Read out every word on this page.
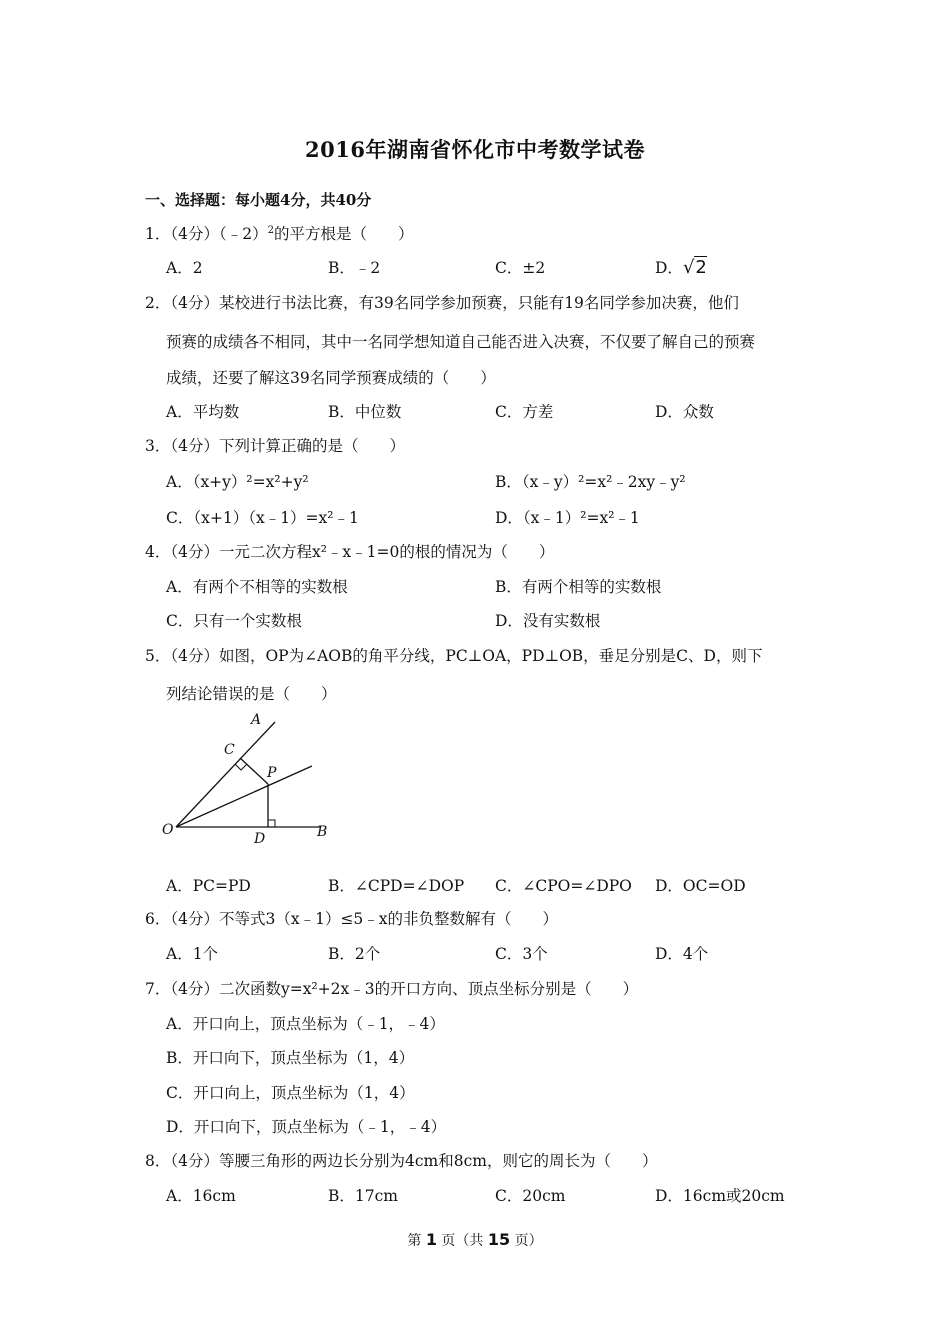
2016年湖南省怀化市中考数学试卷
一、选择题：每小题4分，共40分
1．（4分）（﹣2）$^2$的平方根是（　　）
A．2	B．﹣2	C．±2	D．√2
2．（4分）某校进行书法比赛，有39名同学参加预赛，只能有19名同学参加决赛，他们
预赛的成绩各不相同，其中一名同学想知道自己能否进入决赛，不仅要了解自己的预赛
成绩，还要了解这39名同学预赛成绩的（　　）
A．平均数	B．中位数	C．方差	D．众数
3．（4分）下列计算正确的是（　　）
A．（x+y）²=x²+y²	B．（x﹣y）²=x²﹣2xy﹣y²
C．（x+1）（x﹣1）=x²﹣1	D．（x﹣1）²=x²﹣1
4．（4分）一元二次方程x²﹣x﹣1=0的根的情况为（　　）
A．有两个不相等的实数根	B．有两个相等的实数根
C．只有一个实数根	D．没有实数根
5．（4分）如图，OP为∠AOB的角平分线，PC⊥OA，PD⊥OB，垂足分别是C、D，则下
列结论错误的是（　　）
A
C
P
O
D	B
A．PC=PD	B．∠CPD=∠DOP C．∠CPO=∠DPO D．OC=OD
6．（4分）不等式3（x﹣1）≤5﹣x的非负整数解有（　　）
A．1个	B．2个	C．3个	D．4个
7．（4分）二次函数y=x²+2x﹣3的开口方向、顶点坐标分别是（　　）
A．开口向上，顶点坐标为（﹣1，﹣4）
B．开口向下，顶点坐标为（1，4）
C．开口向上，顶点坐标为（1，4）
D．开口向下，顶点坐标为（﹣1，﹣4）
8．（4分）等腰三角形的两边长分别为4cm和8cm，则它的周长为（　　）
A．16cm	B．17cm	C．20cm	D．16cm或20cm
第 1 页（共 15 页）
